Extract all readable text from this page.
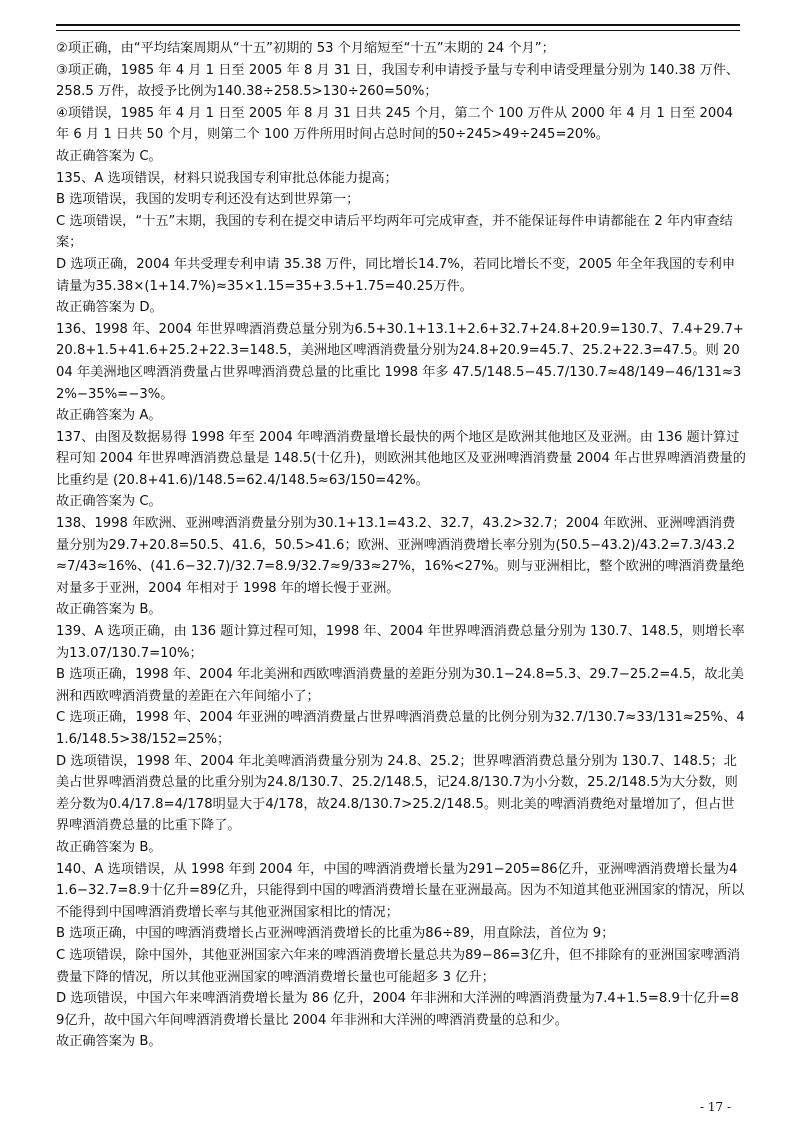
②项正确，由“平均结案周期从“十五”初期的 53 个月缩短至“十五”末期的 24 个月”；

③项正确，1985 年 4 月 1 日至 2005 年 8 月 31 日，我国专利申请授予量与专利申请受理量分别为 140.38 万件、258.5 万件，故授予比例为140.38÷258.5>130÷260=50%；

④项错误，1985 年 4 月 1 日至 2005 年 8 月 31 日共 245 个月，第二个 100 万件从 2000 年 4 月 1 日至 2004 年 6 月 1 日共 50 个月，则第二个 100 万件所用时间占总时间的50÷245>49÷245=20%。

故正确答案为 C。

135、A 选项错误，材料只说我国专利审批总体能力提高；

B 选项错误，我国的发明专利还没有达到世界第一；

C 选项错误，“十五”末期，我国的专利在提交申请后平均两年可完成审查，并不能保证每件申请都能在 2 年内审查结案；

D 选项正确，2004 年共受理专利申请 35.38 万件，同比增长14.7%，若同比增长不变，2005 年全年我国的专利申请量为35.38×(1+14.7%)≈35×1.15=35+3.5+1.75=40.25万件。

故正确答案为 D。

136、1998 年、2004 年世界啤酒消费总量分别为6.5+30.1+13.1+2.6+32.7+24.8+20.9=130.7、7.4+29.7+20.8+1.5+41.6+25.2+22.3=148.5，美洲地区啤酒消费量分别为24.8+20.9=45.7、25.2+22.3=47.5。则 2004 年美洲地区啤酒消费量占世界啤酒消费总量的比重比 1998 年多 47.5/148.5−45.7/130.7≈48/149−46/131≈32%−35%=−3%。

故正确答案为 A。

137、由图及数据易得 1998 年至 2004 年啤酒消费量增长最快的两个地区是欧洲其他地区及亚洲。由 136 题计算过程可知 2004 年世界啤酒消费总量是 148.5(十亿升)，则欧洲其他地区及亚洲啤酒消费量 2004 年占世界啤酒消费量的比重约是 (20.8+41.6)/148.5=62.4/148.5≈63/150=42%。

故正确答案为 C。

138、1998 年欧洲、亚洲啤酒消费量分别为30.1+13.1=43.2、32.7，43.2>32.7；2004 年欧洲、亚洲啤酒消费量分别为29.7+20.8=50.5、41.6，50.5>41.6；欧洲、亚洲啤酒消费增长率分别为(50.5−43.2)/43.2=7.3/43.2≈7/43≈16%、(41.6−32.7)/32.7=8.9/32.7≈9/33≈27%，16%<27%。则与亚洲相比，整个欧洲的啤酒消费量绝对量多于亚洲，2004 年相对于 1998 年的增长慢于亚洲。

故正确答案为 B。

139、A 选项正确，由 136 题计算过程可知，1998 年、2004 年世界啤酒消费总量分别为 130.7、148.5，则增长率为13.07/130.7=10%；

B 选项正确，1998 年、2004 年北美洲和西欧啤酒消费量的差距分别为30.1−24.8=5.3、29.7−25.2=4.5，故北美洲和西欧啤酒消费量的差距在六年间缩小了；

C 选项正确，1998 年、2004 年亚洲的啤酒消费量占世界啤酒消费总量的比例分别为32.7/130.7≈33/131≈25%、41.6/148.5>38/152=25%；

D 选项错误，1998 年、2004 年北美啤酒消费量分别为 24.8、25.2；世界啤酒消费总量分别为 130.7、148.5；北美占世界啤酒消费总量的比重分别为24.8/130.7、25.2/148.5，记24.8/130.7为小分数，25.2/148.5为大分数，则差分数为0.4/17.8=4/178明显大于4/178，故24.8/130.7>25.2/148.5。则北美的啤酒消费绝对量增加了，但占世界啤酒消费总量的比重下降了。

故正确答案为 B。

140、A 选项错误，从 1998 年到 2004 年，中国的啤酒消费增长量为291−205=86亿升，亚洲啤酒消费增长量为41.6−32.7=8.9十亿升=89亿升，只能得到中国的啤酒消费增长量在亚洲最高。因为不知道其他亚洲国家的情况，所以不能得到中国啤酒消费增长率与其他亚洲国家相比的情况；

B 选项正确，中国的啤酒消费增长占亚洲啤酒消费增长的比重为86÷89，用直除法，首位为 9；

C 选项错误，除中国外，其他亚洲国家六年来的啤酒消费增长量总共为89−86=3亿升，但不排除有的亚洲国家啤酒消费量下降的情况，所以其他亚洲国家的啤酒消费增长量也可能超多 3 亿升；

D 选项错误，中国六年来啤酒消费增长量为 86 亿升，2004 年非洲和大洋洲的啤酒消费量为7.4+1.5=8.9十亿升=89亿升，故中国六年间啤酒消费增长量比 2004 年非洲和大洋洲的啤酒消费量的总和少。

故正确答案为 B。

- 17 -
